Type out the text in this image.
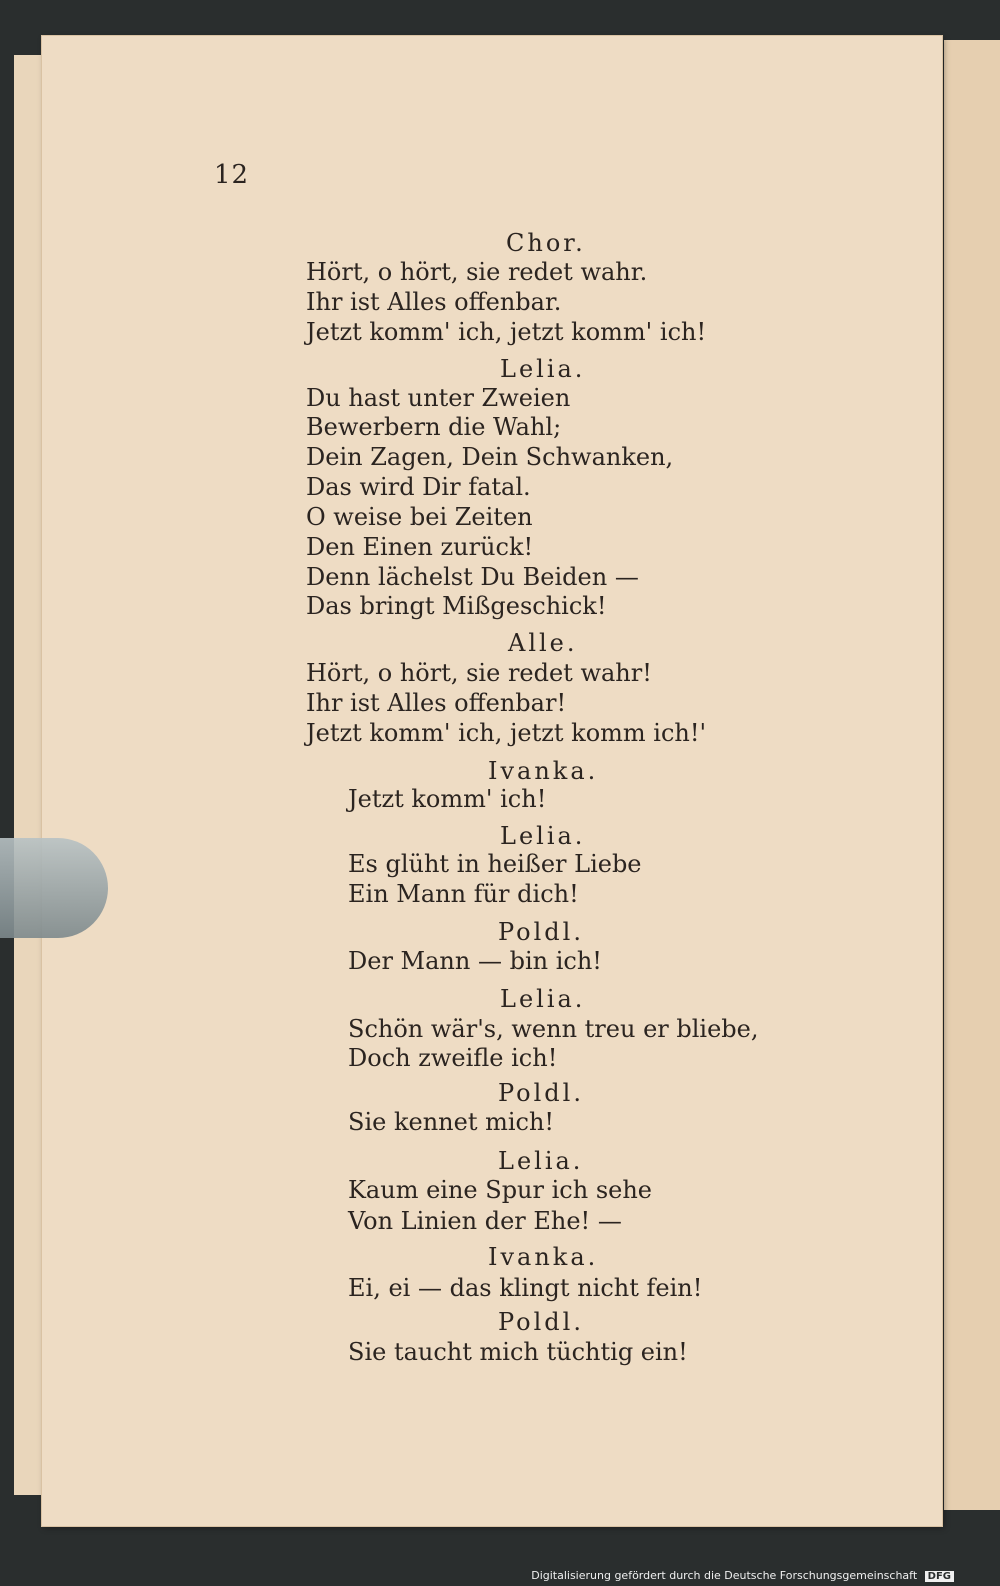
12
Chor.
Hört, o hört, sie redet wahr.
Ihr ist Alles offenbar.
Jetzt komm' ich, jetzt komm' ich!
Lelia.
Du hast unter Zweien
Bewerbern die Wahl;
Dein Zagen, Dein Schwanken,
Das wird Dir fatal.
O weise bei Zeiten
Den Einen zurück!
Denn lächelst Du Beiden —
Das bringt Mißgeschick!
Alle.
Hört, o hört, sie redet wahr!
Ihr ist Alles offenbar!
Jetzt komm' ich, jetzt komm ich!'
Ivanka.
Jetzt komm' ich!
Lelia.
Es glüht in heißer Liebe
Ein Mann für dich!
Poldl.
Der Mann — bin ich!
Lelia.
Schön wär's, wenn treu er bliebe,
Doch zweifle ich!
Poldl.
Sie kennet mich!
Lelia.
Kaum eine Spur ich sehe
Von Linien der Ehe! —
Ivanka.
Ei, ei — das klingt nicht fein!
Poldl.
Sie taucht mich tüchtig ein!
Digitalisierung gefördert durch die Deutsche Forschungsgemeinschaft DFG
